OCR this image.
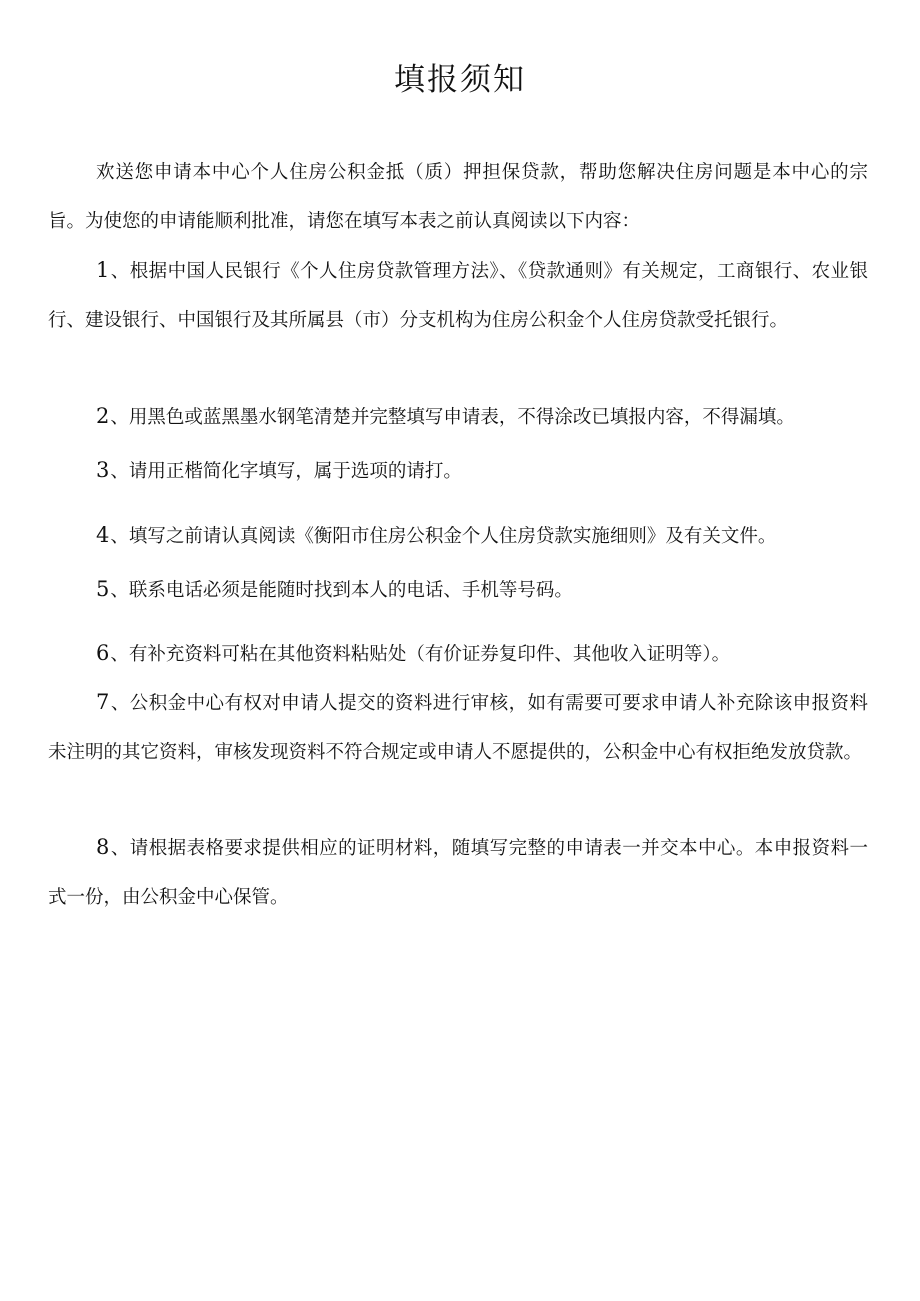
填报须知

欢送您申请本中心个人住房公积金抵（质）押担保贷款，帮助您解决住房问题是本中心的宗旨。为使您的申请能顺利批准，请您在填写本表之前认真阅读以下内容：

1、根据中国人民银行《个人住房贷款管理方法》、《贷款通则》有关规定，工商银行、农业银行、建设银行、中国银行及其所属县（市）分支机构为住房公积金个人住房贷款受托银行。

2、用黑色或蓝黑墨水钢笔清楚并完整填写申请表，不得涂改已填报内容，不得漏填。

3、请用正楷简化字填写，属于选项的请打。

4、填写之前请认真阅读《衡阳市住房公积金个人住房贷款实施细则》及有关文件。

5、联系电话必须是能随时找到本人的电话、手机等号码。

6、有补充资料可粘在其他资料粘贴处（有价证券复印件、其他收入证明等）。

7、公积金中心有权对申请人提交的资料进行审核，如有需要可要求申请人补充除该申报资料未注明的其它资料，审核发现资料不符合规定或申请人不愿提供的，公积金中心有权拒绝发放贷款。

8、请根据表格要求提供相应的证明材料，随填写完整的申请表一并交本中心。本申报资料一式一份，由公积金中心保管。
